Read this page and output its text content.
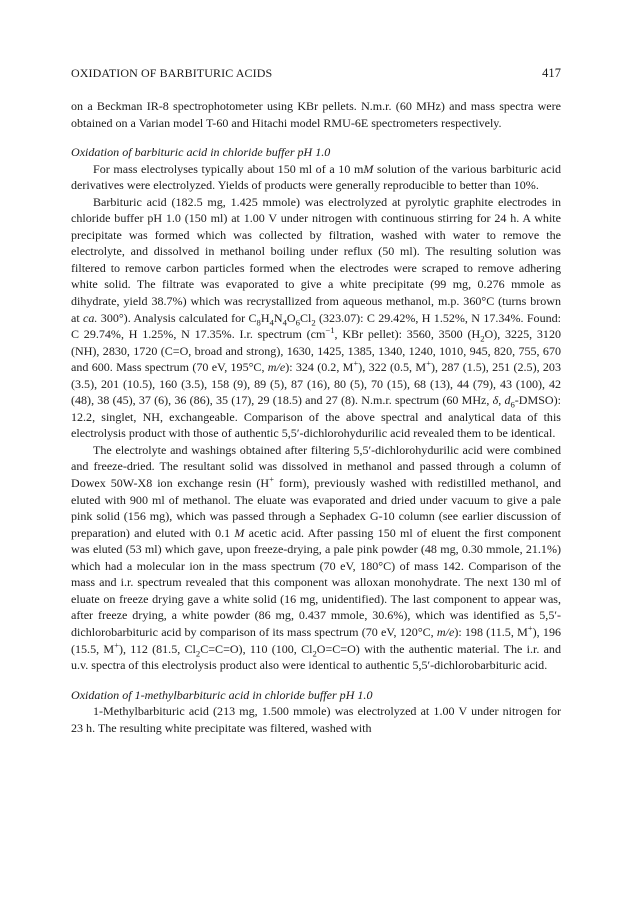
OXIDATION OF BARBITURIC ACIDS	417

on a Beckman IR-8 spectrophotometer using KBr pellets. N.m.r. (60 MHz) and mass spectra were obtained on a Varian model T-60 and Hitachi model RMU-6E spectrometers respectively.

Oxidation of barbituric acid in chloride buffer pH 1.0

For mass electrolyses typically about 150 ml of a 10 mM solution of the various barbituric acid derivatives were electrolyzed. Yields of products were generally reproducible to better than 10%.

Barbituric acid (182.5 mg, 1.425 mmole) was electrolyzed at pyrolytic graphite electrodes in chloride buffer pH 1.0 (150 ml) at 1.00 V under nitrogen with continuous stirring for 24 h. A white precipitate was formed which was collected by filtration, washed with water to remove the electrolyte, and dissolved in methanol boiling under reflux (50 ml). The resulting solution was filtered to remove carbon particles formed when the electrodes were scraped to remove adhering white solid. The filtrate was evaporated to give a white precipitate (99 mg, 0.276 mmole as dihydrate, yield 38.7%) which was recrystallized from aqueous methanol, m.p. 360°C (turns brown at ca. 300°). Analysis calculated for $C_8H_4N_4O_6Cl_2$ (323.07): C 29.42%, H 1.52%, N 17.34%. Found: C 29.74%, H 1.25%, N 17.35%. I.r. spectrum ($cm^{-1}$, KBr pellet): 3560, 3500 $(H_2O)$, 3225, 3120 (NH), 2830, 1720 (C=O, broad and strong), 1630, 1425, 1385, 1340, 1240, 1010, 945, 820, 755, 670 and 600. Mass spectrum (70 eV, 195°C, m/e): 324 (0.2, M+), 322 (0.5, M+), 287 (1.5), 251 (2.5), 203 (3.5), 201 (10.5), 160 (3.5), 158 (9), 89 (5), 87 (16), 80 (5), 70 (15), 68 (13), 44 (79), 43 (100), 42 (48), 38 (45), 37 (6), 36 (86), 35 (17), 29 (18.5) and 27 (8). N.m.r. spectrum (60 MHz, δ, $d_6-DMSO$): 12.2, singlet, NH, exchangeable. Comparison of the above spectral and analytical data of this electrolysis product with those of authentic 5,5′-dichlorohydurilic acid revealed them to be identical.

The electrolyte and washings obtained after filtering 5,5′-dichlorohydurilic acid were combined and freeze-dried. The resultant solid was dissolved in methanol and passed through a column of Dowex 50W-X8 ion exchange resin (H+ form), previously washed with redistilled methanol, and eluted with 900 ml of methanol. The eluate was evaporated and dried under vacuum to give a pale pink solid (156 mg), which was passed through a Sephadex G-10 column (see earlier discussion of preparation) and eluted with 0.1 M acetic acid. After passing 150 ml of eluent the first component was eluted (53 ml) which gave, upon freeze-drying, a pale pink powder (48 mg, 0.30 mmole, 21.1%) which had a molecular ion in the mass spectrum (70 eV, 180°C) of mass 142. Comparison of the mass and i.r. spectrum revealed that this component was alloxan monohydrate. The next 130 ml of eluate on freeze drying gave a white solid (16 mg, unidentified). The last component to appear was, after freeze drying, a white powder (86 mg, 0.437 mmole, 30.6%), which was identified as 5,5′-dichlorobarbituric acid by comparison of its mass spectrum (70 eV, 120°C, m/e): 198 (11.5, M+), 196 (15.5, M+), 112 (81.5, $Cl_2C=C=O$), 110 (100, $Cl_2O=C=O$) with the authentic material. The i.r. and u.v. spectra of this electrolysis product also were identical to authentic 5,5′-dichlorobarbituric acid.

Oxidation of 1-methylbarbituric acid in chloride buffer pH 1.0

1-Methylbarbituric acid (213 mg, 1.500 mmole) was electrolyzed at 1.00 V under nitrogen for 23 h. The resulting white precipitate was filtered, washed with
